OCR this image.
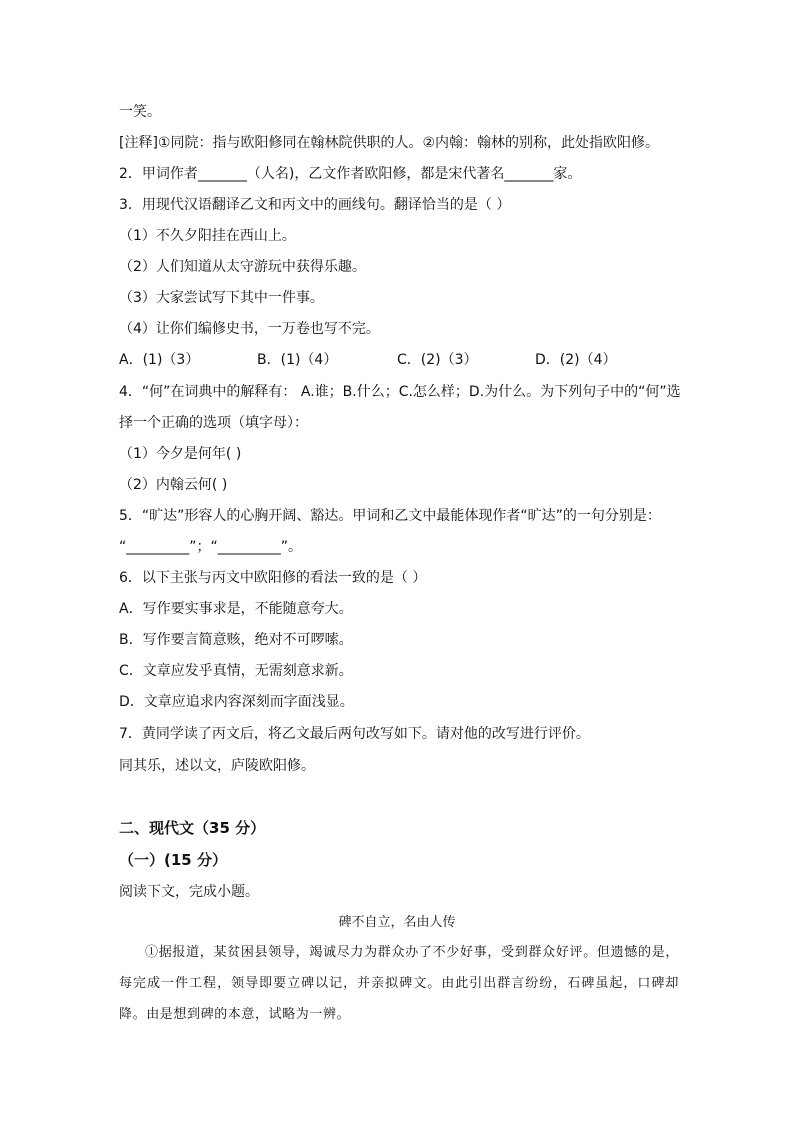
一笑。
[注释]①同院：指与欧阳修同在翰林院供职的人。②内翰：翰林的别称，此处指欧阳修。
2．甲词作者_______（人名)，乙文作者欧阳修，都是宋代著名_______家。
3．用现代汉语翻译乙文和丙文中的画线句。翻译恰当的是（ ）
（1）不久夕阳挂在西山上。
（2）人们知道从太守游玩中获得乐趣。
（3）大家尝试写下其中一件事。
（4）让你们编修史书，一万卷也写不完。
A．(1)（3）	B．(1)（4）	C．(2)（3）	D．(2)（4）
4．“何”在词典中的解释有： A.谁；B.什么；C.怎么样；D.为什么。为下列句子中的“何”选
择一个正确的选项（填字母）：
（1）今夕是何年( )
（2）内翰云何( )
5．“旷达”形容人的心胸开阔、豁达。甲词和乙文中最能体现作者“旷达”的一句分别是：
“_________”；“_________”。
6．以下主张与丙文中欧阳修的看法一致的是（ ）
A．写作要实事求是，不能随意夸大。
B．写作要言简意赅，绝对不可啰嗦。
C．文章应发乎真情，无需刻意求新。
D．文章应追求内容深刻而字面浅显。
7．黄同学读了丙文后，将乙文最后两句改写如下。请对他的改写进行评价。
同其乐，述以文，庐陵欧阳修。
二、现代文（35 分）
（一）(15 分）
阅读下文，完成小题。
碑不自立，名由人传
①据报道，某贫困县领导，竭诚尽力为群众办了不少好事，受到群众好评。但遗憾的是，每完成一件工程，领导即要立碑以记，并亲拟碑文。由此引出群言纷纷，石碑虽起，口碑却降。由是想到碑的本意，试略为一辨。
